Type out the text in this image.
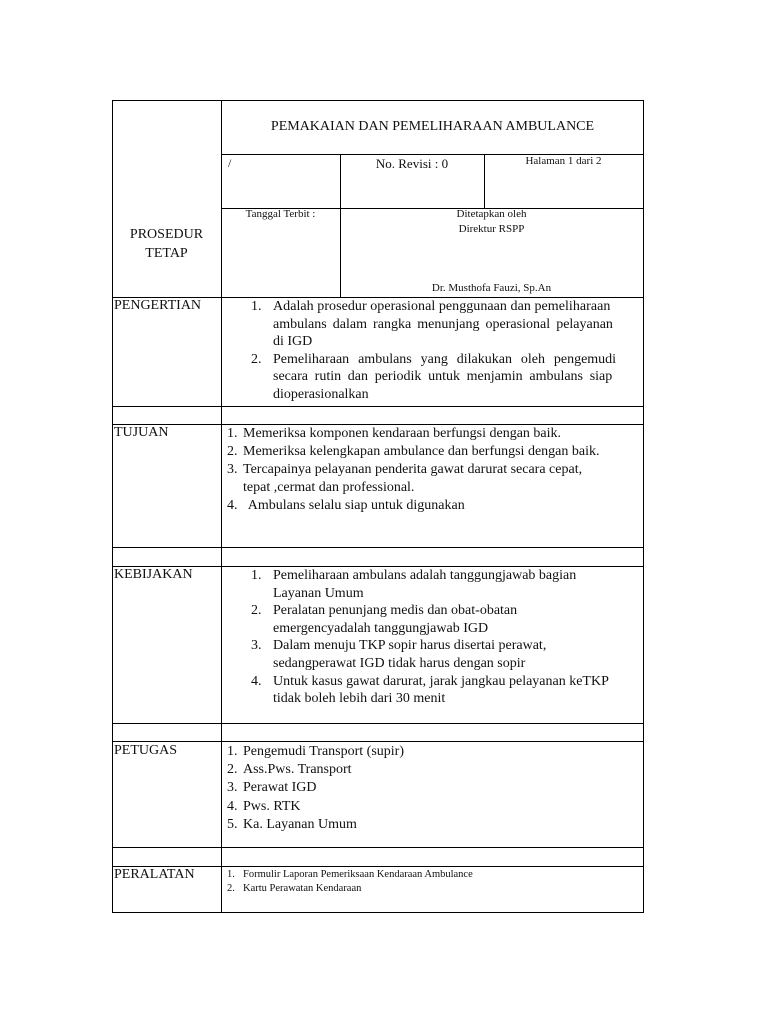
PEMAKAIAN DAN PEMELIHARAAN AMBULANCE
/	No. Revisi : 0	Halaman 1 dari 2
PROSEDUR
TETAP
Tanggal Terbit :	Ditetapkan oleh
Direktur RSPP
Dr. Musthofa Fauzi, Sp.An
PENGERTIAN	1. Adalah prosedur operasional penggunaan dan pemeliharaan
ambulans dalam rangka menunjang operasional pelayanan
di IGD
2. Pemeliharaan ambulans yang dilakukan oleh pengemudi
secara rutin dan periodik untuk menjamin ambulans siap
dioperasionalkan
TUJUAN	1. Memeriksa komponen kendaraan berfungsi dengan baik.
2. Memeriksa kelengkapan ambulance dan berfungsi dengan baik.
3. Tercapainya pelayanan penderita gawat darurat secara cepat,
tepat ,cermat dan professional.
4. Ambulans selalu siap untuk digunakan
KEBIJAKAN	1. Pemeliharaan ambulans adalah tanggungjawab bagian
Layanan Umum
2. Peralatan penunjang medis dan obat-obatan
emergencyadalah tanggungjawab IGD
3. Dalam menuju TKP sopir harus disertai perawat,
sedangperawat IGD tidak harus dengan sopir
4. Untuk kasus gawat darurat, jarak jangkau pelayanan keTKP
tidak boleh lebih dari 30 menit
PETUGAS	1. Pengemudi Transport (supir)
2. Ass.Pws. Transport
3. Perawat IGD
4. Pws. RTK
5. Ka. Layanan Umum
PERALATAN	1. Formulir Laporan Pemeriksaan Kendaraan Ambulance
2. Kartu Perawatan Kendaraan
